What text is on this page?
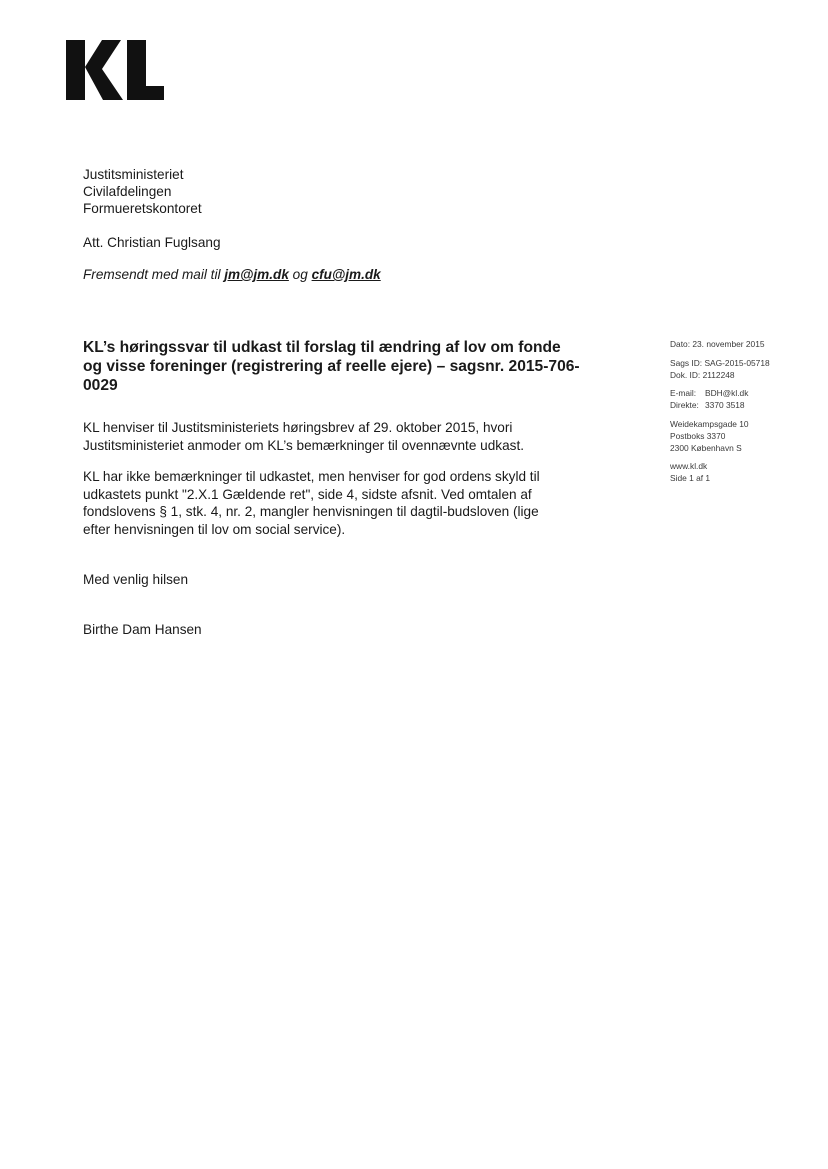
Justitsministeriet
Civilafdelingen
Formueretskontoret
Att. Christian Fuglsang
Fremsendt med mail til jm@jm.dk og cfu@jm.dk
KL’s høringssvar til udkast til forslag til ændring af lov om fonde og visse foreninger (registrering af reelle ejere) – sagsnr. 2015-706-0029

KL henviser til Justitsministeriets høringsbrev af 29. oktober 2015, hvori Justitsministeriet anmoder om KL’s bemærkninger til ovennævnte udkast.

KL har ikke bemærkninger til udkastet, men henviser for god ordens skyld til udkastets punkt "2.X.1 Gældende ret", side 4, sidste afsnit. Ved omtalen af fondslovens § 1, stk. 4, nr. 2, mangler henvisningen til dagtil-budsloven (lige efter henvisningen til lov om social service).

Med venlig hilsen
Birthe Dam Hansen
Dato: 23. november 2015
Sags ID: SAG-2015-05718
Dok. ID: 2112248
E-mail: BDH@kl.dk
Direkte: 3370 3518
Weidekampsgade 10
Postboks 3370
2300 København S
www.kl.dk
Side 1 af 1
